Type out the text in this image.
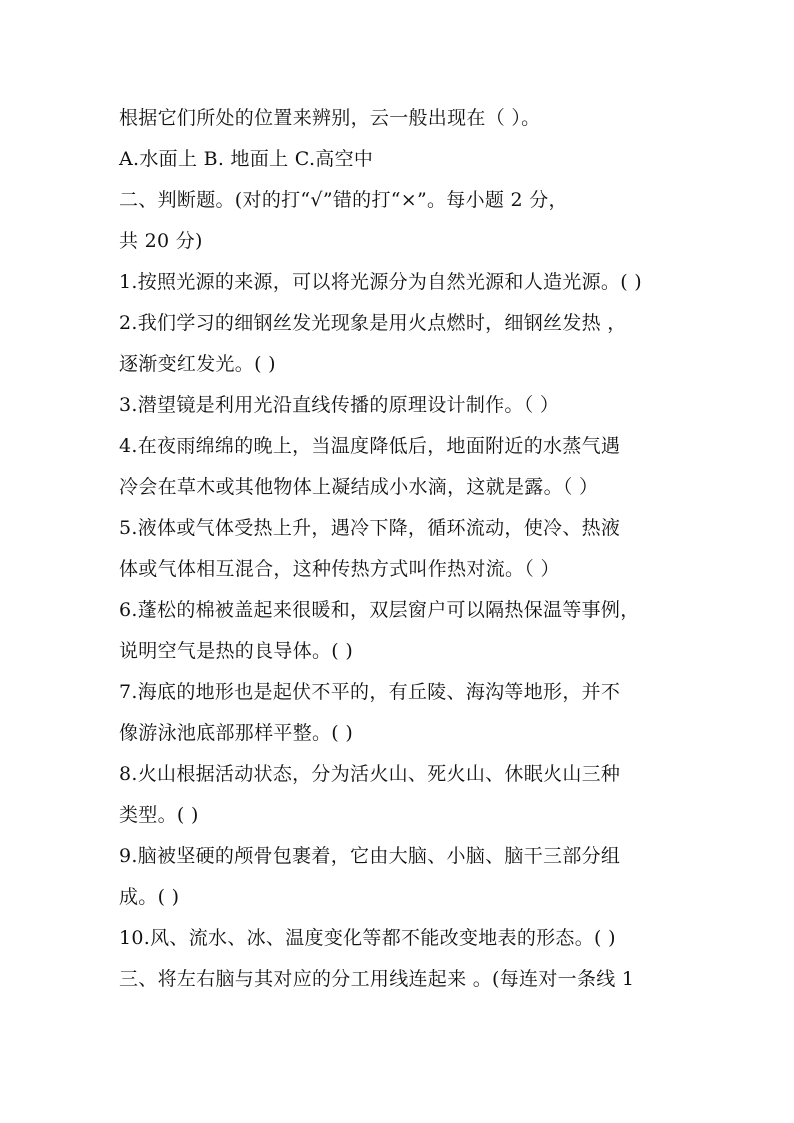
根据它们所处的位置来辨别，云一般出现在（ ）。
A.水面上 B. 地面上 C.高空中
二、判断题。(对的打“√”错的打“×”。每小题 2 分，
共 20 分)
1.按照光源的来源，可以将光源分为自然光源和人造光源。( )
2.我们学习的细钢丝发光现象是用火点燃时，细钢丝发热 ，
逐渐变红发光。( )
3.潜望镜是利用光沿直线传播的原理设计制作。（ ）
4.在夜雨绵绵的晚上，当温度降低后，地面附近的水蒸气遇
冷会在草木或其他物体上凝结成小水滴，这就是露。（ ）
5.液体或气体受热上升，遇冷下降，循环流动，使冷、热液
体或气体相互混合，这种传热方式叫作热对流。（ ）
6.蓬松的棉被盖起来很暖和，双层窗户可以隔热保温等事例，
说明空气是热的良导体。( )
7.海底的地形也是起伏不平的，有丘陵、海沟等地形，并不
像游泳池底部那样平整。( )
8.火山根据活动状态，分为活火山、死火山、休眠火山三种
类型。( )
9.脑被坚硬的颅骨包裹着，它由大脑、小脑、脑干三部分组
成。( )
10.风、流水、冰、温度变化等都不能改变地表的形态。( )
三、将左右脑与其对应的分工用线连起来 。(每连对一条线 1
